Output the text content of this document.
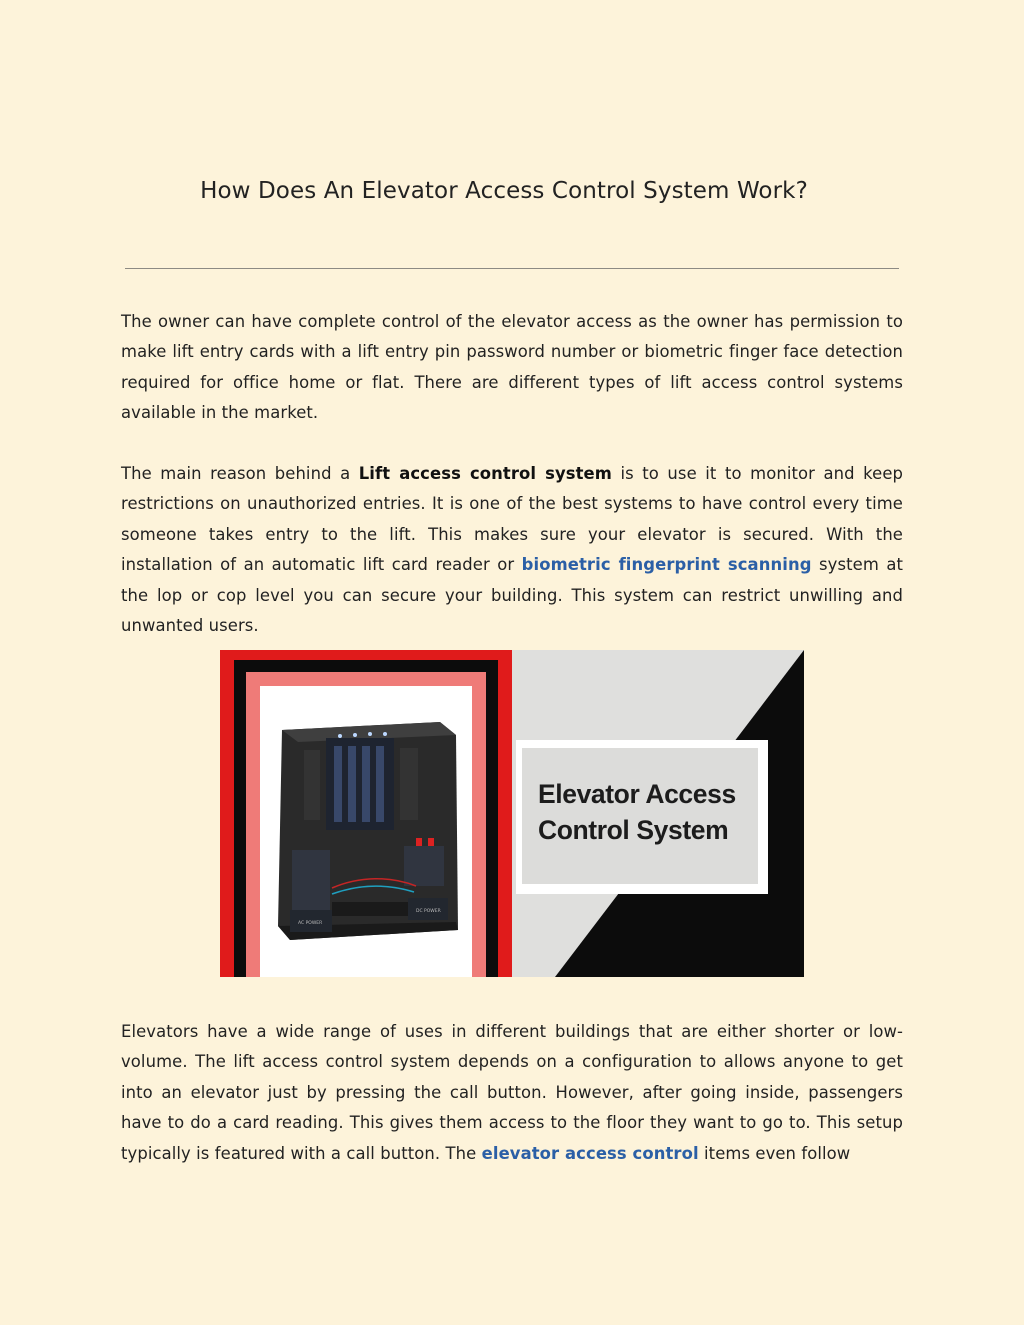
How Does An Elevator Access Control System Work?

The owner can have complete control of the elevator access as the owner has permission to make lift entry cards with a lift entry pin password number or biometric finger face detection required for office home or flat. There are different types of lift access control systems available in the market.

The main reason behind a Lift access control system is to use it to monitor and keep restrictions on unauthorized entries. It is one of the best systems to have control every time someone takes entry to the lift. This makes sure your elevator is secured. With the installation of an automatic lift card reader or biometric fingerprint scanning system at the lop or cop level you can secure your building. This system can restrict unwilling and unwanted users.

AC POWER
DC POWER

Elevator Access
Control System

Elevators have a wide range of uses in different buildings that are either shorter or low-volume. The lift access control system depends on a configuration to allows anyone to get into an elevator just by pressing the call button. However, after going inside, passengers have to do a card reading. This gives them access to the floor they want to go to. This setup typically is featured with a call button. The elevator access control items even follow
